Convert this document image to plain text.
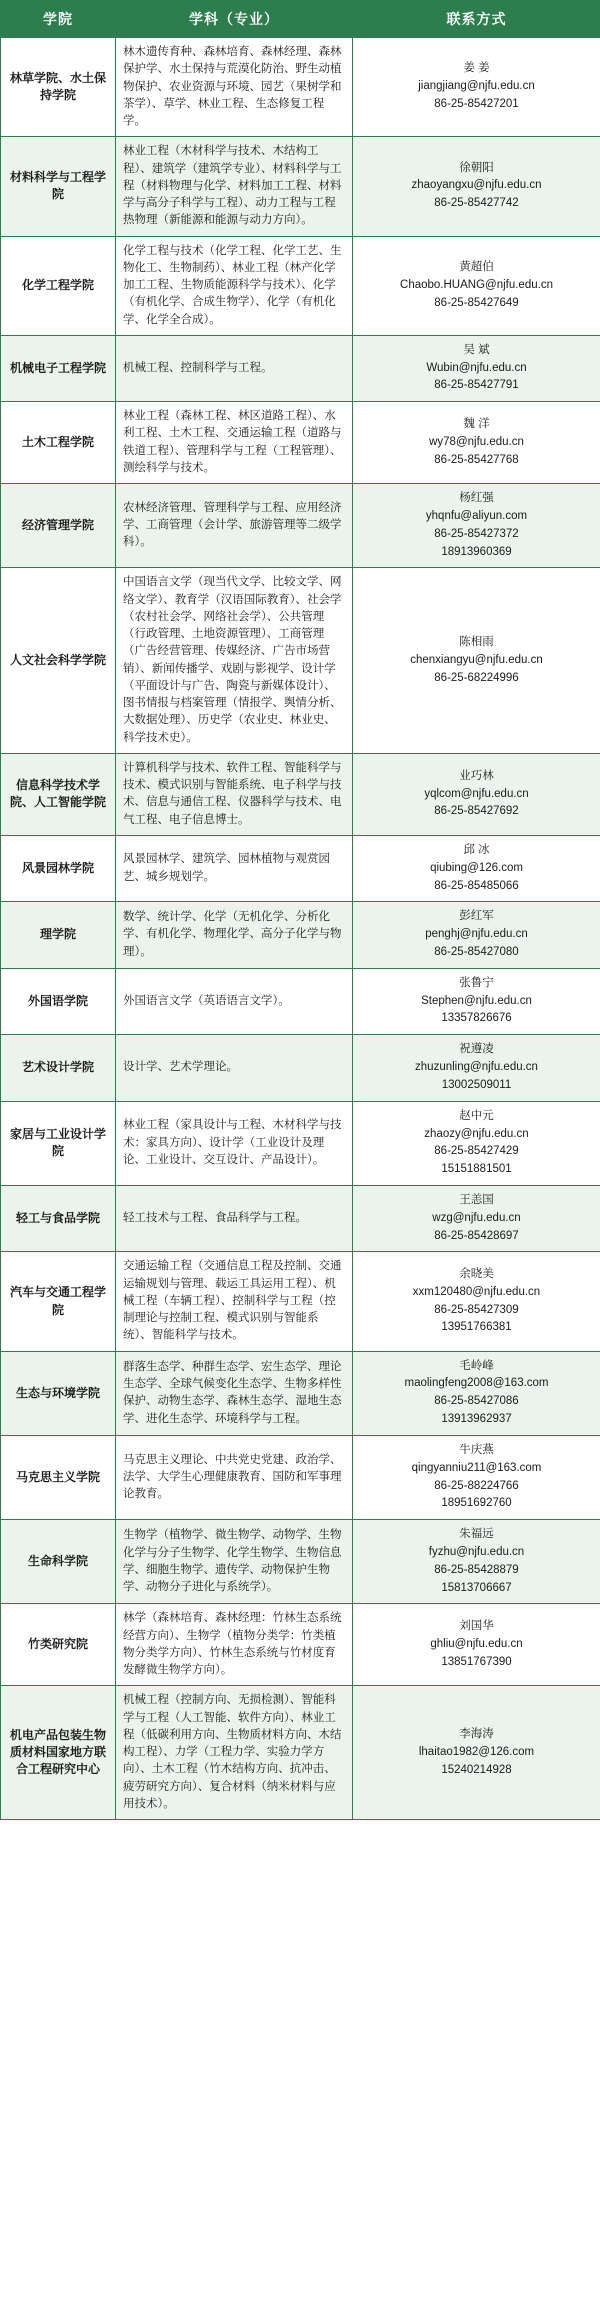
学院	学科（专业）	联系方式
林草学院、水土保持学院	林木遗传育种、森林培育、森林经理、森林保护学、水土保持与荒漠化防治、野生动植物保护、农业资源与环境、园艺（果树学和茶学）、草学、林业工程、生态修复工程学。	姜 姜
jiangjiang@njfu.edu.cn
86-25-85427201

材料科学与工程学院	林业工程（木材科学与技术、木结构工程）、建筑学（建筑学专业）、材料科学与工程（材料物理与化学、材料加工工程、材料学与高分子科学与工程）、动力工程与工程热物理（新能源和能源与动力方向）。	徐朝阳
zhaoyangxu@njfu.edu.cn
86-25-85427742

化学工程学院	化学工程与技术（化学工程、化学工艺、生物化工、生物制药）、林业工程（林产化学加工工程、生物质能源科学与技术）、化学（有机化学、合成生物学）、化学（有机化学、化学全合成）。	黄超伯
Chaobo.HUANG@njfu.edu.cn
86-25-85427649

机械电子工程学院	机械工程、控制科学与工程。	吴 斌
Wubin@njfu.edu.cn
86-25-85427791

土木工程学院	林业工程（森林工程、林区道路工程）、水利工程、土木工程、交通运输工程（道路与铁道工程）、管理科学与工程（工程管理）、测绘科学与技术。	魏 洋
wy78@njfu.edu.cn
86-25-85427768

经济管理学院	农林经济管理、管理科学与工程、应用经济学、工商管理（会计学、旅游管理等二级学科）。	杨红强
yhqnfu@aliyun.com
86-25-85427372
18913960369

人文社会科学学院	中国语言文学（现当代文学、比较文学、网络文学）、教育学（汉语国际教育）、社会学（农村社会学、网络社会学）、公共管理（行政管理、土地资源管理）、工商管理（广告经营管理、传媒经济、广告市场营销）、新闻传播学、戏剧与影视学、设计学（平面设计与广告、陶瓷与新媒体设计）、图书情报与档案管理（情报学、舆情分析、大数据处理）、历史学（农业史、林业史、科学技术史）。	陈相雨
chenxiangyu@njfu.edu.cn
86-25-68224996

信息科学技术学院、人工智能学院	计算机科学与技术、软件工程、智能科学与技术、模式识别与智能系统、电子科学与技术、信息与通信工程、仪器科学与技术、电气工程、电子信息博士。	业巧林
yqlcom@njfu.edu.cn
86-25-85427692

风景园林学院	风景园林学、建筑学、园林植物与观赏园艺、城乡规划学。	邱 冰
qiubing@126.com
86-25-85485066

理学院	数学、统计学、化学（无机化学、分析化学、有机化学、物理化学、高分子化学与物理）。	彭红军
penghj@njfu.edu.cn
86-25-85427080

外国语学院	外国语言文学（英语语言文学）。	张鲁宁
Stephen@njfu.edu.cn
13357826676

艺术设计学院	设计学、艺术学理论。	祝遵凌
zhuzunling@njfu.edu.cn
13002509011

家居与工业设计学院	林业工程（家具设计与工程、木材科学与技术：家具方向）、设计学（工业设计及理论、工业设计、交互设计、产品设计）。	赵中元
zhaozy@njfu.edu.cn
86-25-85427429
15151881501

轻工与食品学院	轻工技术与工程、食品科学与工程。	王恙国
wzg@njfu.edu.cn
86-25-85428697

汽车与交通工程学院	交通运输工程（交通信息工程及控制、交通运输规划与管理、载运工具运用工程）、机械工程（车辆工程）、控制科学与工程（控制理论与控制工程、模式识别与智能系统）、智能科学与技术。	余晓美
xxm120480@njfu.edu.cn
86-25-85427309
13951766381

生态与环境学院	群落生态学、种群生态学、宏生态学、理论生态学、全球气候变化生态学、生物多样性保护、动物生态学、森林生态学、湿地生态学、进化生态学、环境科学与工程。	毛岭峰
maolingfeng2008@163.com
86-25-85427086
13913962937

马克思主义学院	马克思主义理论、中共党史党建、政治学、法学、大学生心理健康教育、国防和军事理论教育。	牛庆燕
qingyanniu211@163.com
86-25-88224766
18951692760

生命科学院	生物学（植物学、微生物学、动物学、生物化学与分子生物学、化学生物学、生物信息学、细胞生物学、遗传学、动物保护生物学、动物分子进化与系统学）。	朱福远
fyzhu@njfu.edu.cn
86-25-85428879
15813706667

竹类研究院	林学（森林培育、森林经理：竹林生态系统经营方向）、生物学（植物分类学：竹类植物分类学方向）、竹林生态系统与竹材度育发酵微生物学方向）。	刘国华
ghliu@njfu.edu.cn
13851767390

机电产品包装生物质材料国家地方联合工程研究中心	机械工程（控制方向、无损检测）、智能科学与工程（人工智能、软件方向）、林业工程（低碳利用方向、生物质材料方向、木结构工程）、力学（工程力学、实验力学方向）、土木工程（竹木结构方向、抗冲击、疲劳研究方向）、复合材料（纳米材料与应用技术）。	李海涛
lhaitao1982@126.com
15240214928
